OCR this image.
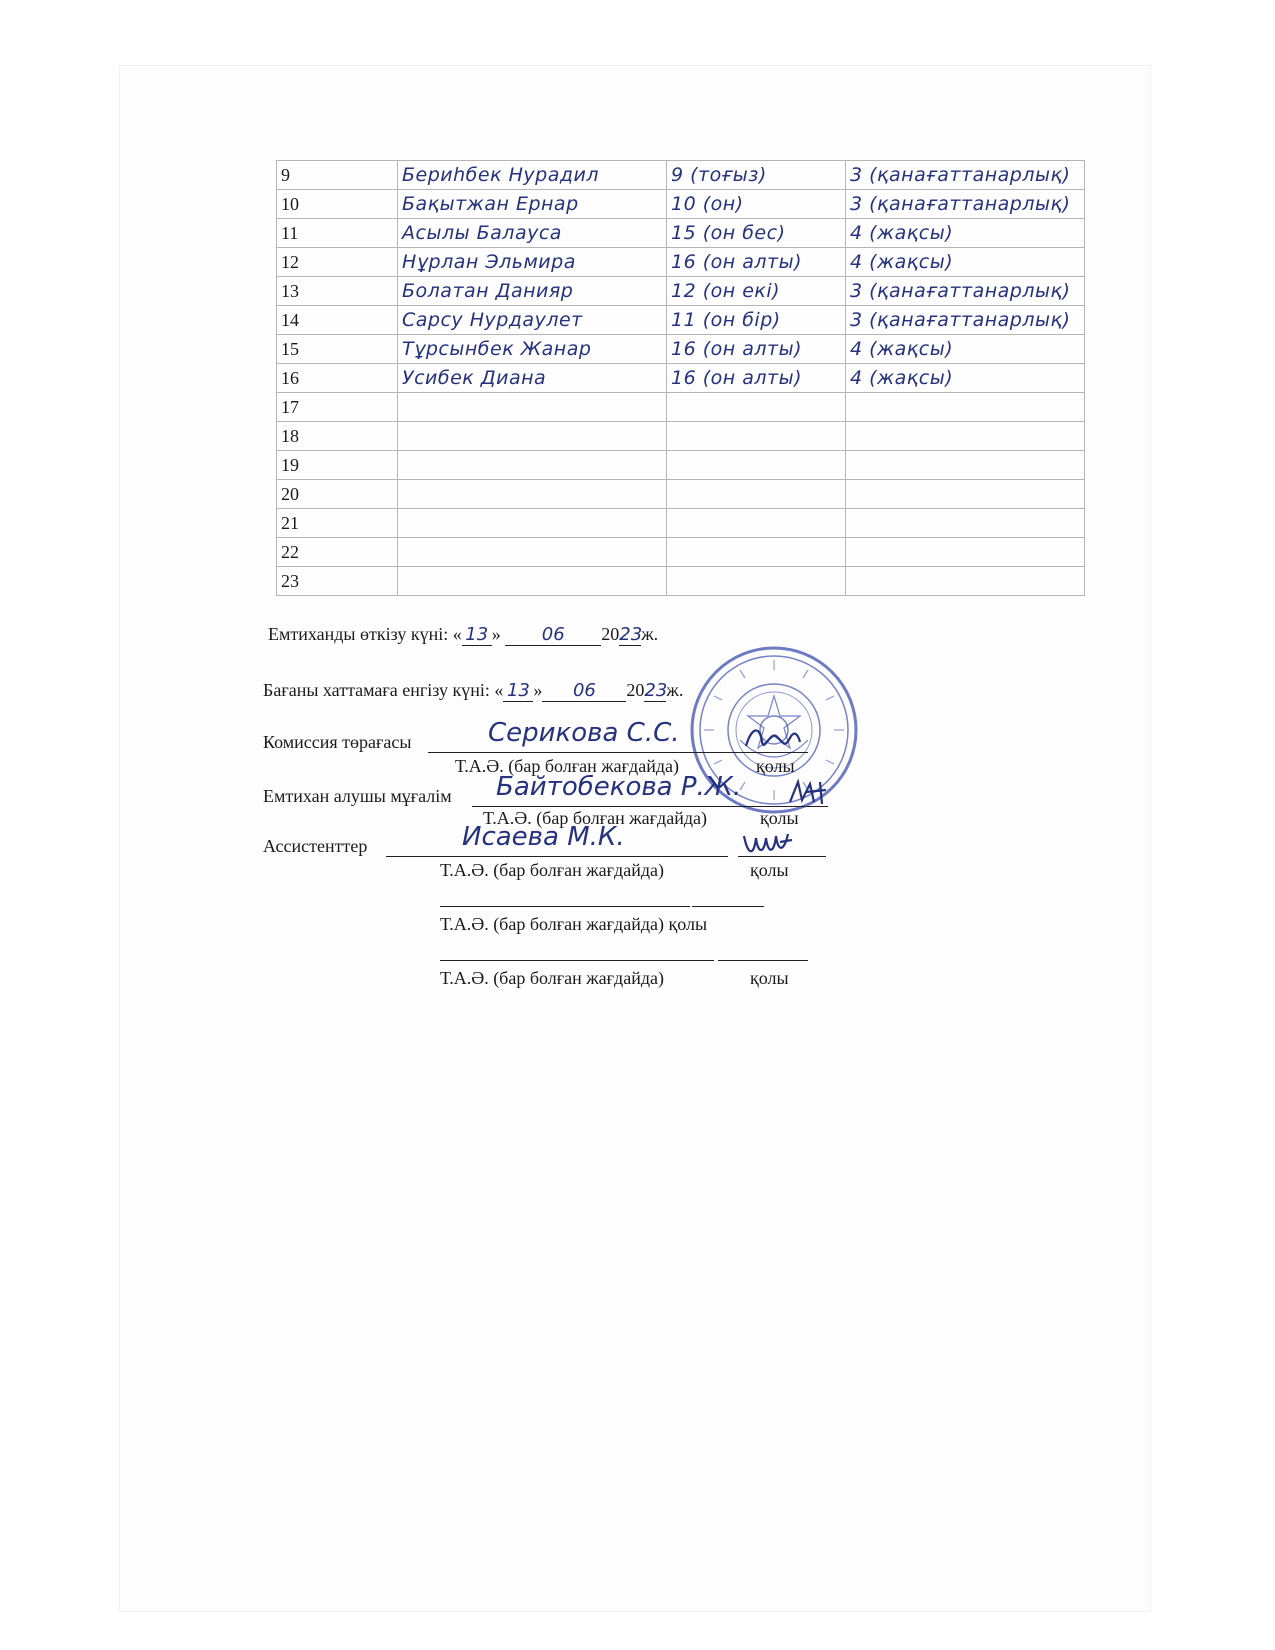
9	Бериhбек Нурадил	9 (тоғыз)	3 (қанағаттанарлық)
10	Бақытжан Ернар	10 (он)	3 (қанағаттанарлық)
11	Асылы Балауса	15 (он бес)	4 (жақсы)
12	Нұрлан Эльмира	16 (он алты)	4 (жақсы)
13	Болатан Данияр	12 (он екі)	3 (қанағаттанарлық)
14	Сарсу Нурдаулет	11 (он бір)	3 (қанағаттанарлық)
15	Тұрсынбек Жанар	16 (он алты)	4 (жақсы)
16	Усибек Диана	16 (он алты)	4 (жақсы)
17			
18			
19			
20			
21			
22			
23			
Емтиханды өткізу күні: « 13 » 06 2023ж.
Бағаны хаттамаға енгізу күні: « 13 » 06 2023ж.
Комиссия төрағасы	Серикова С.С.
Т.А.Ә. (бар болған жағдайда)	қолы
Емтихан алушы мұғалім Байтобекова Р.Ж.
Т.А.Ә. (бар болған жағдайда)	қолы
Ассистенттер	Исаева М.К.
Т.А.Ә. (бар болған жағдайда)	қолы
Т.А.Ә. (бар болған жағдайда) қолы
Т.А.Ә. (бар болған жағдайда)	қолы
